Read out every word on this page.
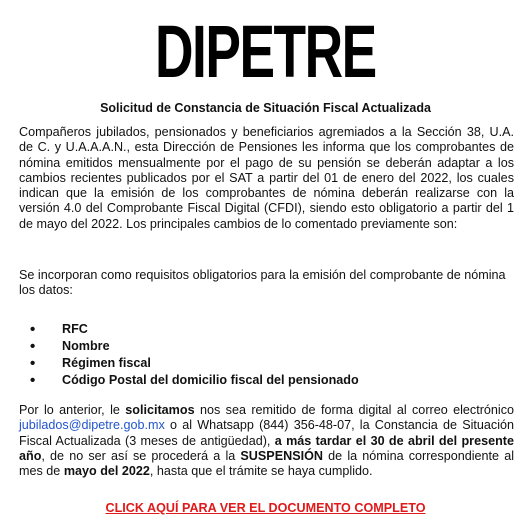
DIPETRE
Solicitud de Constancia de Situación Fiscal Actualizada

Compañeros jubilados, pensionados y beneficiarios agremiados a la Sección 38, U.A. de C. y U.A.A.A.N., esta Dirección de Pensiones les informa que los comprobantes de nómina emitidos mensualmente por el pago de su pensión se deberán adaptar a los cambios recientes publicados por el SAT a partir del 01 de enero del 2022, los cuales indican que la emisión de los comprobantes de nómina deberán realizarse con la versión 4.0 del Comprobante Fiscal Digital (CFDI), siendo esto obligatorio a partir del 1 de mayo del 2022. Los principales cambios de lo comentado previamente son:

Se incorporan como requisitos obligatorios para la emisión del comprobante de nómina los datos:

• RFC
• Nombre
• Régimen fiscal
• Código Postal del domicilio fiscal del pensionado

Por lo anterior, le solicitamos nos sea remitido de forma digital al correo electrónico jubilados@dipetre.gob.mx o al Whatsapp (844) 356-48-07, la Constancia de Situación Fiscal Actualizada (3 meses de antigüedad), a más tardar el 30 de abril del presente año, de no ser así se procederá a la SUSPENSIÓN de la nómina correspondiente al mes de mayo del 2022, hasta que el trámite se haya cumplido.

CLICK AQUÍ PARA VER EL DOCUMENTO COMPLETO
